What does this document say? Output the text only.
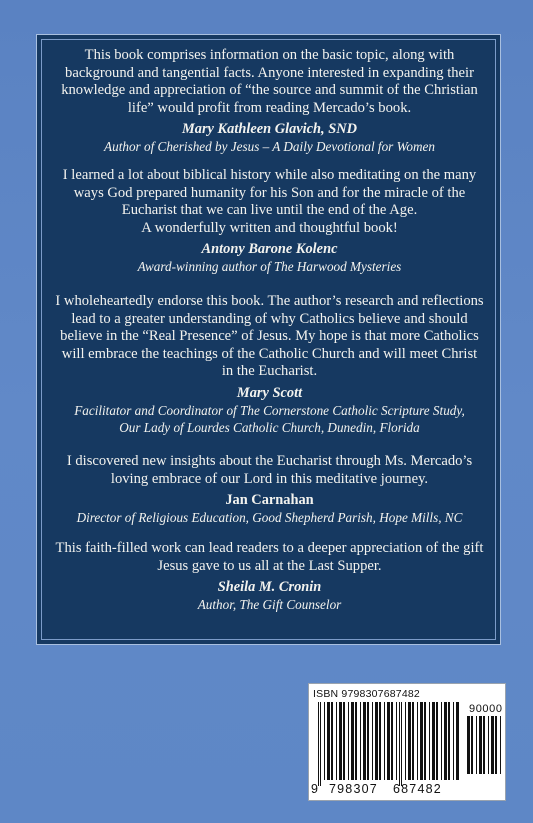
This book comprises information on the basic topic, along with
background and tangential facts. Anyone interested in expanding their
knowledge and appreciation of “the source and summit of the Christian
life” would profit from reading Mercado’s book.

Mary Kathleen Glavich, SND

Author of Cherished by Jesus – A Daily Devotional for Women

I learned a lot about biblical history while also meditating on the many
ways God prepared humanity for his Son and for the miracle of the
Eucharist that we can live until the end of the Age.
A wonderfully written and thoughtful book!

Antony Barone Kolenc

Award-winning author of The Harwood Mysteries

I wholeheartedly endorse this book. The author’s research and reflections
lead to a greater understanding of why Catholics believe and should
believe in the “Real Presence” of Jesus. My hope is that more Catholics
will embrace the teachings of the Catholic Church and will meet Christ
in the Eucharist.

Mary Scott

Facilitator and Coordinator of The Cornerstone Catholic Scripture Study,
Our Lady of Lourdes Catholic Church, Dunedin, Florida

I discovered new insights about the Eucharist through Ms. Mercado’s
loving embrace of our Lord in this meditative journey.

Jan Carnahan

Director of Religious Education, Good Shepherd Parish, Hope Mills, NC

This faith-filled work can lead readers to a deeper appreciation of the gift
Jesus gave to us all at the Last Supper.

Sheila M. Cronin

Author, The Gift Counselor

ISBN 9798307687482
90000
9 798307 687482
